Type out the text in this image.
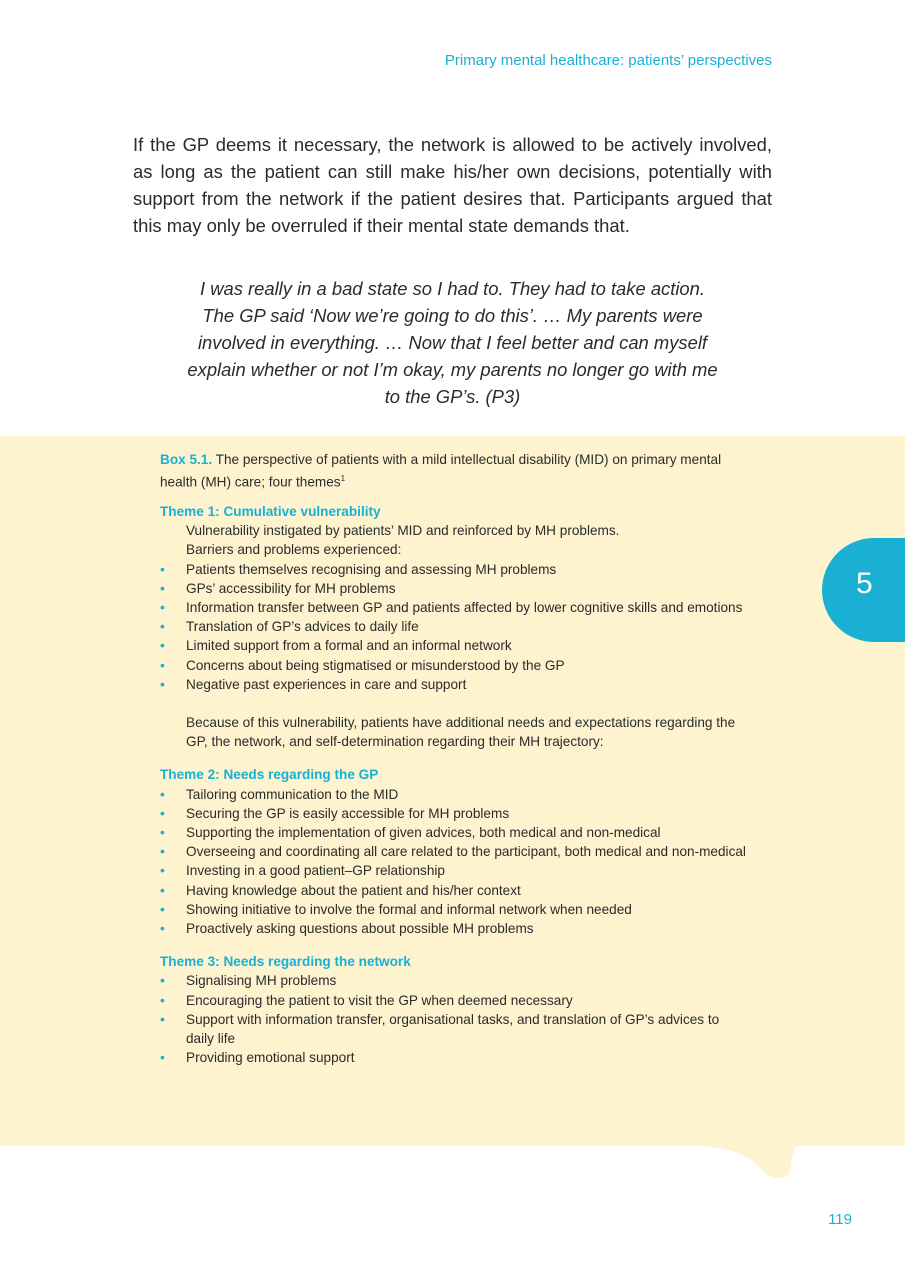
Primary mental healthcare: patients’ perspectives

If the GP deems it necessary, the network is allowed to be actively involved, as long as the patient can still make his/her own decisions, potentially with support from the network if the patient desires that. Participants argued that this may only be overruled if their mental state demands that.

I was really in a bad state so I had to. They had to take action.
The GP said ‘Now we’re going to do this’. … My parents were
involved in everything. … Now that I feel better and can myself
explain whether or not I’m okay, my parents no longer go with me
to the GP’s. (P3)

Box 5.1. The perspective of patients with a mild intellectual disability (MID) on primary mental health (MH) care; four themes$^1$

Theme 1: Cumulative vulnerability

Vulnerability instigated by patients’ MID and reinforced by MH problems.

Barriers and problems experienced:

• Patients themselves recognising and assessing MH problems
• GPs’ accessibility for MH problems
• Information transfer between GP and patients affected by lower cognitive skills and emotions
• Translation of GP’s advices to daily life
• Limited support from a formal and an informal network
• Concerns about being stigmatised or misunderstood by the GP
• Negative past experiences in care and support

Because of this vulnerability, patients have additional needs and expectations regarding the GP, the network, and self-determination regarding their MH trajectory:

Theme 2: Needs regarding the GP

• Tailoring communication to the MID
• Securing the GP is easily accessible for MH problems
• Supporting the implementation of given advices, both medical and non-medical
• Overseeing and coordinating all care related to the participant, both medical and non-medical
• Investing in a good patient–GP relationship
• Having knowledge about the patient and his/her context
• Showing initiative to involve the formal and informal network when needed
• Proactively asking questions about possible MH problems

Theme 3: Needs regarding the network

• Signalising MH problems
• Encouraging the patient to visit the GP when deemed necessary
• Support with information transfer, organisational tasks, and translation of GP’s advices to daily life
• Providing emotional support
5
119
